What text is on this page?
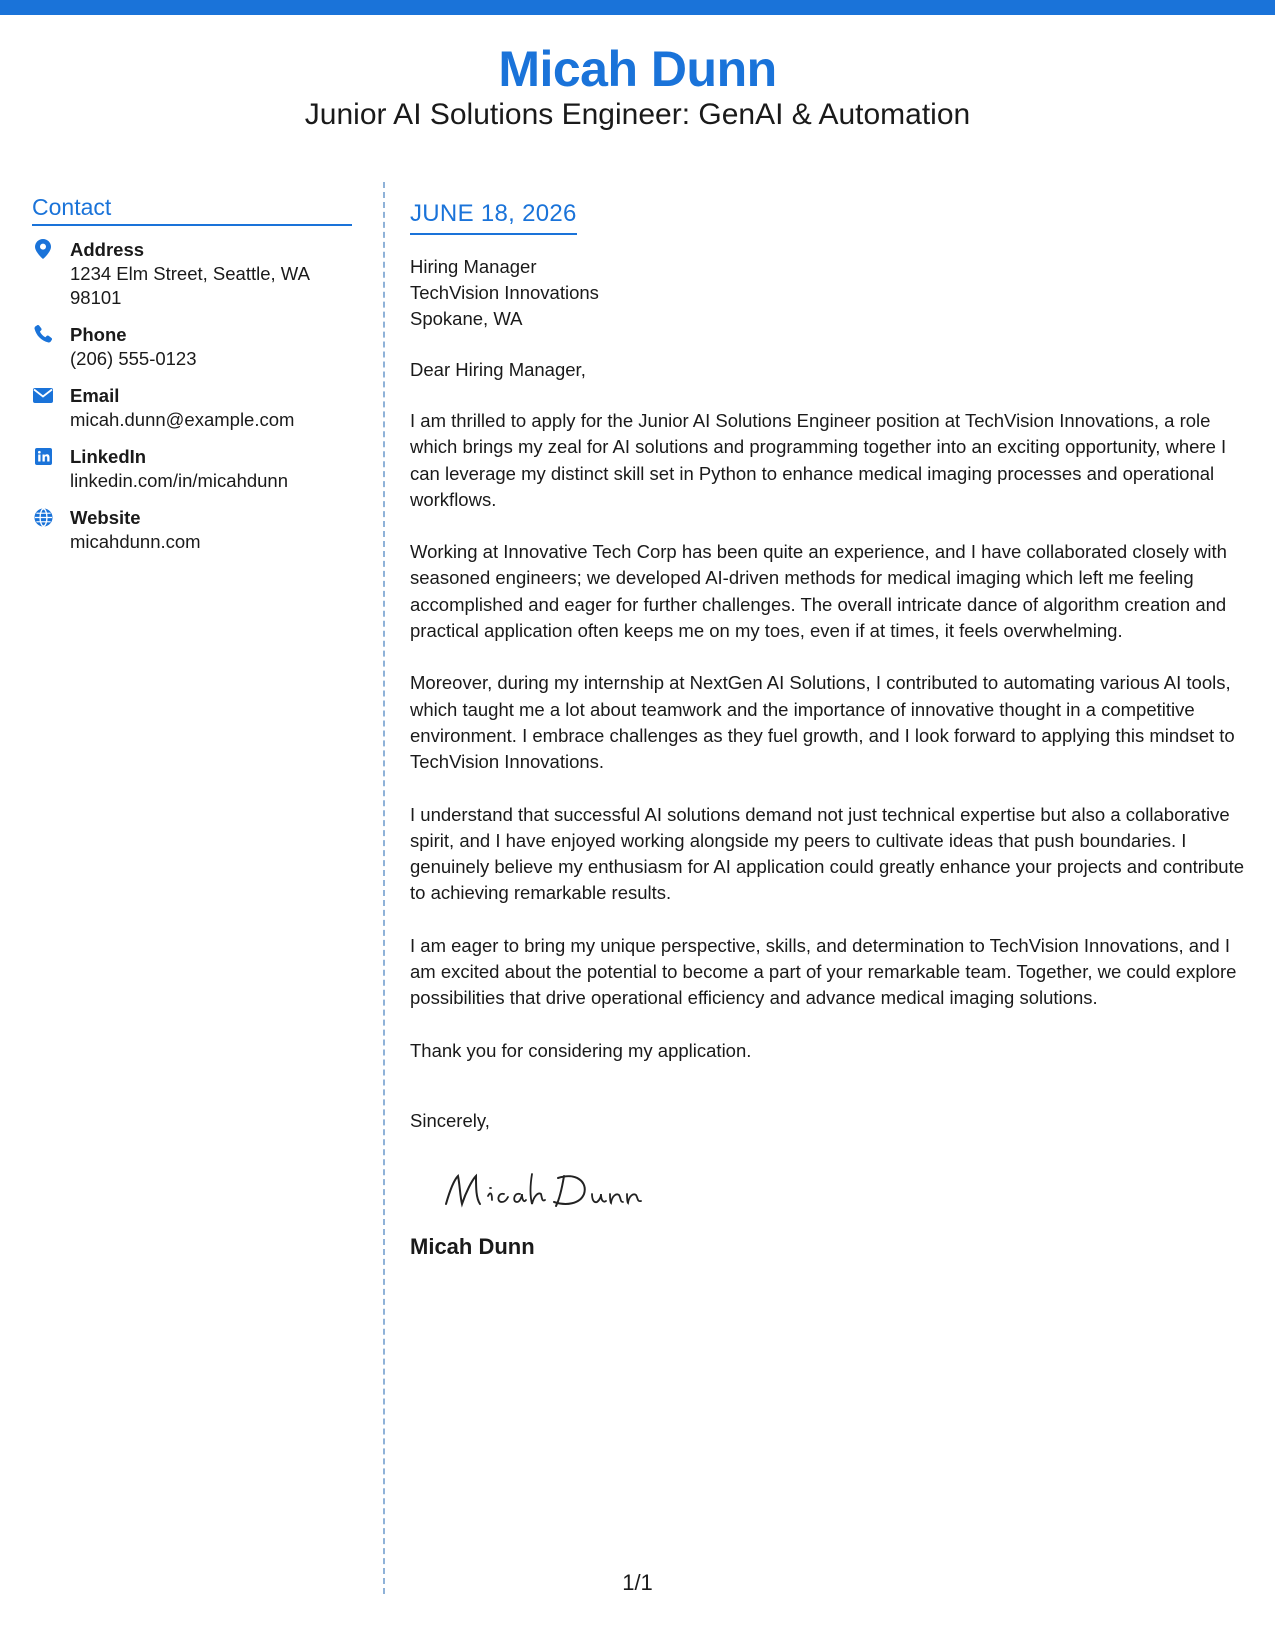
Micah Dunn
Junior AI Solutions Engineer: GenAI & Automation
Contact
Address
1234 Elm Street, Seattle, WA 98101
Phone
(206) 555-0123
Email
micah.dunn@example.com
LinkedIn
linkedin.com/in/micahdunn
Website
micahdunn.com
JUNE 18, 2026
Hiring Manager
TechVision Innovations
Spokane, WA
Dear Hiring Manager,

I am thrilled to apply for the Junior AI Solutions Engineer position at TechVision Innovations, a role which brings my zeal for AI solutions and programming together into an exciting opportunity, where I can leverage my distinct skill set in Python to enhance medical imaging processes and operational workflows.

Working at Innovative Tech Corp has been quite an experience, and I have collaborated closely with seasoned engineers; we developed AI-driven methods for medical imaging which left me feeling accomplished and eager for further challenges. The overall intricate dance of algorithm creation and practical application often keeps me on my toes, even if at times, it feels overwhelming.

Moreover, during my internship at NextGen AI Solutions, I contributed to automating various AI tools, which taught me a lot about teamwork and the importance of innovative thought in a competitive environment. I embrace challenges as they fuel growth, and I look forward to applying this mindset to TechVision Innovations.

I understand that successful AI solutions demand not just technical expertise but also a collaborative spirit, and I have enjoyed working alongside my peers to cultivate ideas that push boundaries. I genuinely believe my enthusiasm for AI application could greatly enhance your projects and contribute to achieving remarkable results.

I am eager to bring my unique perspective, skills, and determination to TechVision Innovations, and I am excited about the potential to become a part of your remarkable team. Together, we could explore possibilities that drive operational efficiency and advance medical imaging solutions.

Thank you for considering my application.

Sincerely,
Micah Dunn
1/1
